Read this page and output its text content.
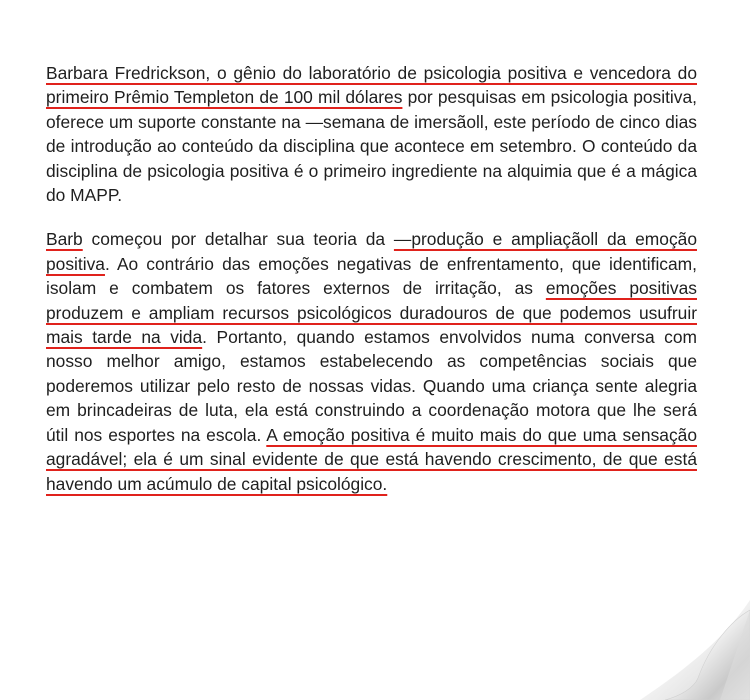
Barbara Fredrickson, o gênio do laboratório de psicologia positiva e vencedora do primeiro Prêmio Templeton de 100 mil dólares por pesquisas em psicologia positiva, oferece um suporte constante na —semana de imersãoll, este período de cinco dias de introdução ao conteúdo da disciplina que acontece em setembro. O conteúdo da disciplina de psicologia positiva é o primeiro ingrediente na alquimia que é a mágica do MAPP.

Barb começou por detalhar sua teoria da —produção e ampliaçãoll da emoção positiva. Ao contrário das emoções negativas de enfrentamento, que identificam, isolam e combatem os fatores externos de irritação, as emoções positivas produzem e ampliam recursos psicológicos duradouros de que podemos usufruir mais tarde na vida. Portanto, quando estamos envolvidos numa conversa com nosso melhor amigo, estamos estabelecendo as competências sociais que poderemos utilizar pelo resto de nossas vidas. Quando uma criança sente alegria em brincadeiras de luta, ela está construindo a coordenação motora que lhe será útil nos esportes na escola. A emoção positiva é muito mais do que uma sensação agradável; ela é um sinal evidente de que está havendo crescimento, de que está havendo um acúmulo de capital psicológico.
